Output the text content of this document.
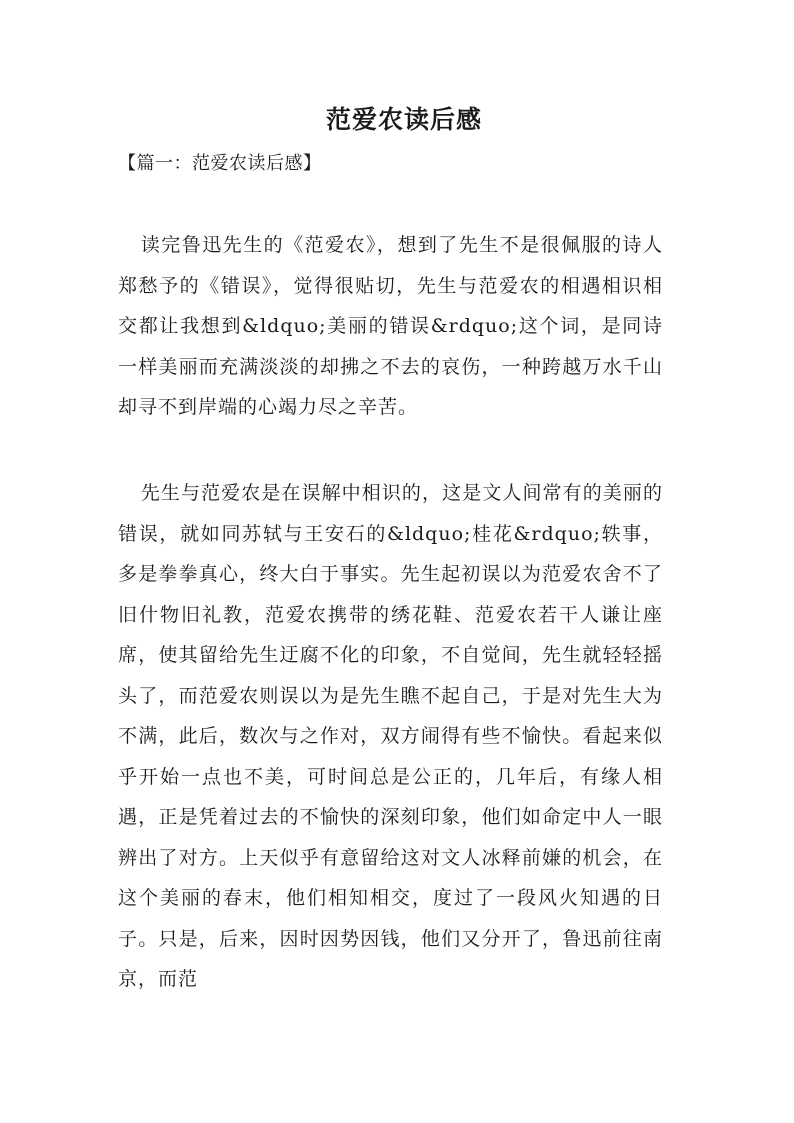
范爱农读后感
【篇一：范爱农读后感】

读完鲁迅先生的《范爱农》，想到了先生不是很佩服的诗人郑愁予的《错误》，觉得很贴切，先生与范爱农的相遇相识相交都让我想到&ldquo;美丽的错误&rdquo;这个词，是同诗一样美丽而充满淡淡的却拂之不去的哀伤，一种跨越万水千山却寻不到岸端的心竭力尽之辛苦。

先生与范爱农是在误解中相识的，这是文人间常有的美丽的错误，就如同苏轼与王安石的&ldquo;桂花&rdquo;轶事，多是拳拳真心，终大白于事实。先生起初误以为范爱农舍不了旧什物旧礼教，范爱农携带的绣花鞋、范爱农若干人谦让座席，使其留给先生迂腐不化的印象，不自觉间，先生就轻轻摇头了，而范爱农则误以为是先生瞧不起自己，于是对先生大为不满，此后，数次与之作对，双方闹得有些不愉快。看起来似乎开始一点也不美，可时间总是公正的，几年后，有缘人相遇，正是凭着过去的不愉快的深刻印象，他们如命定中人一眼辨出了对方。上天似乎有意留给这对文人冰释前嫌的机会，在这个美丽的春末，他们相知相交，度过了一段风火知遇的日子。只是，后来，因时因势因钱，他们又分开了，鲁迅前往南京，而范
